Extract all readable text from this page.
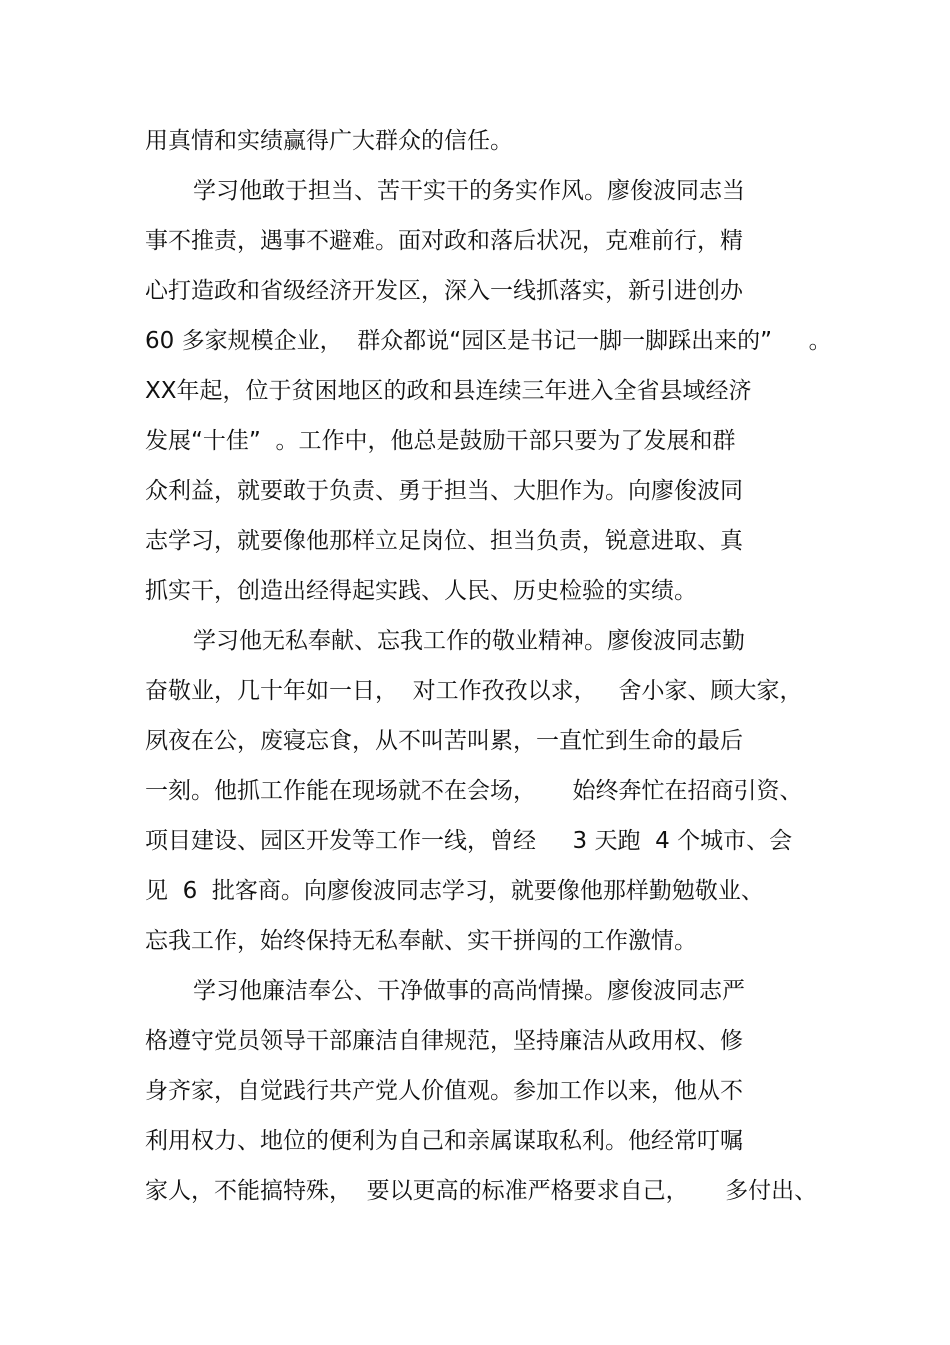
用真情和实绩赢得广大群众的信任。
学习他敢于担当、苦干实干的务实作风。廖俊波同志当
事不推责，遇事不避难。面对政和落后状况，克难前行，精
心打造政和省级经济开发区，深入一线抓落实，新引进创办
60 多家规模企业，  群众都说“园区是书记一脚一脚踩出来的”     。
XX年起，位于贫困地区的政和县连续三年进入全省县域经济
发展“十佳”  。工作中，他总是鼓励干部只要为了发展和群
众利益，就要敢于负责、勇于担当、大胆作为。向廖俊波同
志学习，就要像他那样立足岗位、担当负责，锐意进取、真
抓实干，创造出经得起实践、人民、历史检验的实绩。
学习他无私奉献、忘我工作的敬业精神。廖俊波同志勤
奋敬业，几十年如一日，  对工作孜孜以求，   舍小家、顾大家，
夙夜在公，废寝忘食，从不叫苦叫累，一直忙到生命的最后
一刻。他抓工作能在现场就不在会场，     始终奔忙在招商引资、
项目建设、园区开发等工作一线，曾经     3 天跑  4 个城市、会
见  6  批客商。向廖俊波同志学习，就要像他那样勤勉敬业、
忘我工作，始终保持无私奉献、实干拼闯的工作激情。
学习他廉洁奉公、干净做事的高尚情操。廖俊波同志严
格遵守党员领导干部廉洁自律规范，坚持廉洁从政用权、修
身齐家，自觉践行共产党人价值观。参加工作以来，他从不
利用权力、地位的便利为自己和亲属谋取私利。他经常叮嘱
家人，不能搞特殊，  要以更高的标准严格要求自己，     多付出、
